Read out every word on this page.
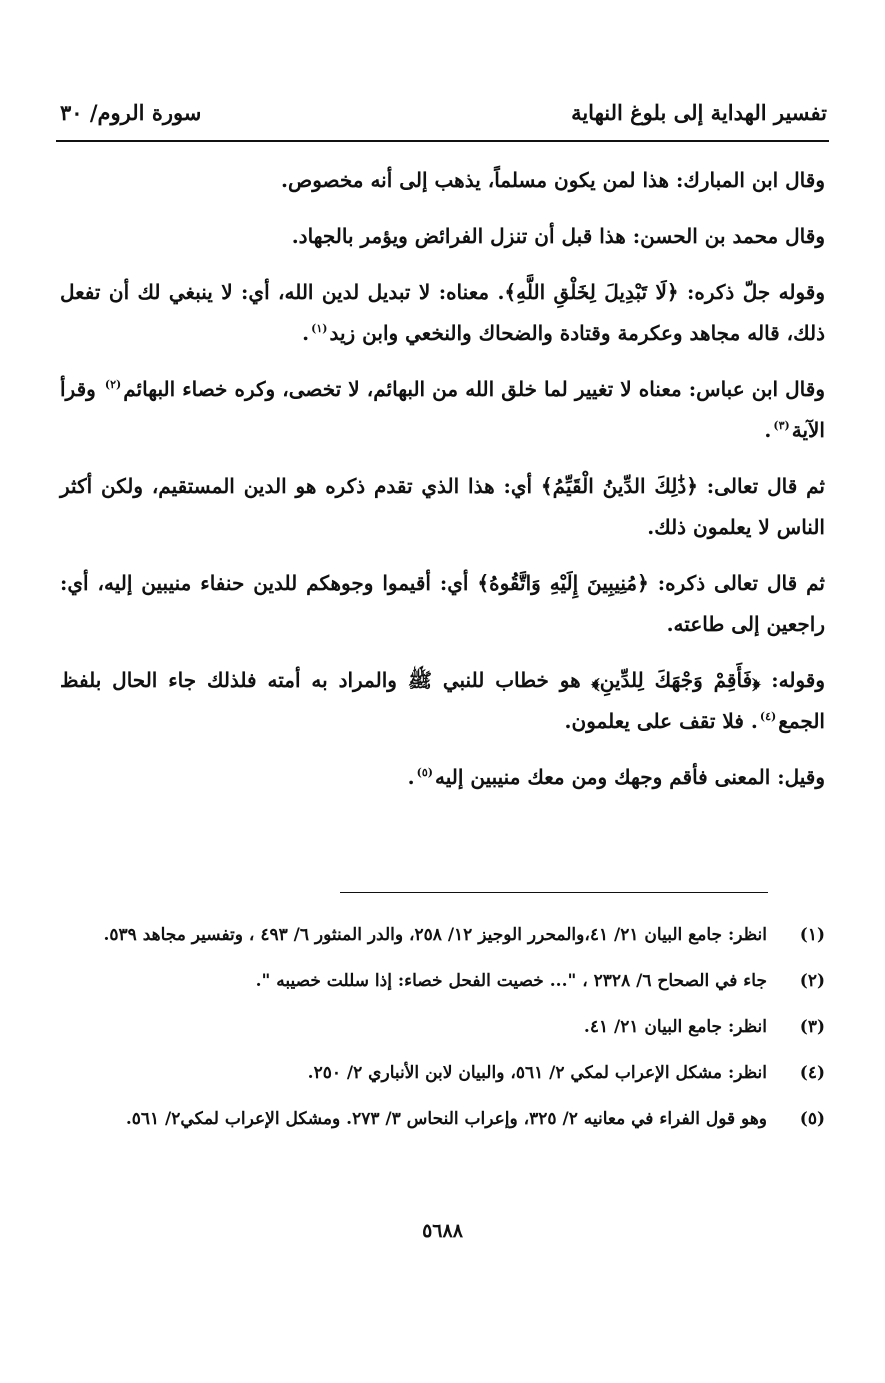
تفسير الهداية إلى بلوغ النهاية
سورة الروم/ ٣٠

وقال ابن المبارك: هذا لمن يكون مسلماً، يذهب إلى أنه مخصوص.

وقال محمد بن الحسن: هذا قبل أن تنزل الفرائض ويؤمر بالجهاد.

وقوله جلّ ذكره: ﴿لَا تَبْدِيلَ لِخَلْقِ اللَّهِ﴾. معناه: لا تبديل لدين الله، أي: لا ينبغي لك أن تفعل ذلك، قاله مجاهد وعكرمة وقتادة والضحاك والنخعي وابن زيد$^{(١)}$.

وقال ابن عباس: معناه لا تغيير لما خلق الله من البهائم، لا تخصى، وكره خصاء البهائم$^{(٢)}$ وقرأ الآية$^{(٣)}$.

ثم قال تعالى: ﴿ذَٰلِكَ الدِّينُ الْقَيِّمُ﴾ أي: هذا الذي تقدم ذكره هو الدين المستقيم، ولكن أكثر الناس لا يعلمون ذلك.

ثم قال تعالى ذكره: ﴿مُنِيبِينَ إِلَيْهِ وَاتَّقُوهُ﴾ أي: أقيموا وجوهكم للدين حنفاء منيبين إليه، أي: راجعين إلى طاعته.

وقوله: ﴿فَأَقِمْ وَجْهَكَ لِلدِّينِ﴾ هو خطاب للنبي ﷺ والمراد به أمته فلذلك جاء الحال بلفظ الجمع$^{(٤)}$. فلا تقف على يعلمون.

وقيل: المعنى فأقم وجهك ومن معك منيبين إليه$^{(٥)}$.

(١)
انظر: جامع البيان ٢١/ ٤١،والمحرر الوجيز ١٢/ ٢٥٨، والدر المنثور ٦/ ٤٩٣ ، وتفسير مجاهد ٥٣٩.
(٢)
جاء في الصحاح ٦/ ٢٣٢٨ ، "... خصيت الفحل خصاء: إذا سللت خصيبه ".
(٣)
انظر: جامع البيان ٢١/ ٤١.
(٤)
انظر: مشكل الإعراب لمكي ٢/ ٥٦١، والبيان لابن الأنباري ٢/ ٢٥٠.
(٥)
وهو قول الفراء في معانيه ٢/ ٣٢٥، وإعراب النحاس ٣/ ٢٧٣. ومشكل الإعراب لمكي٢/ ٥٦١.
٥٦٨٨
